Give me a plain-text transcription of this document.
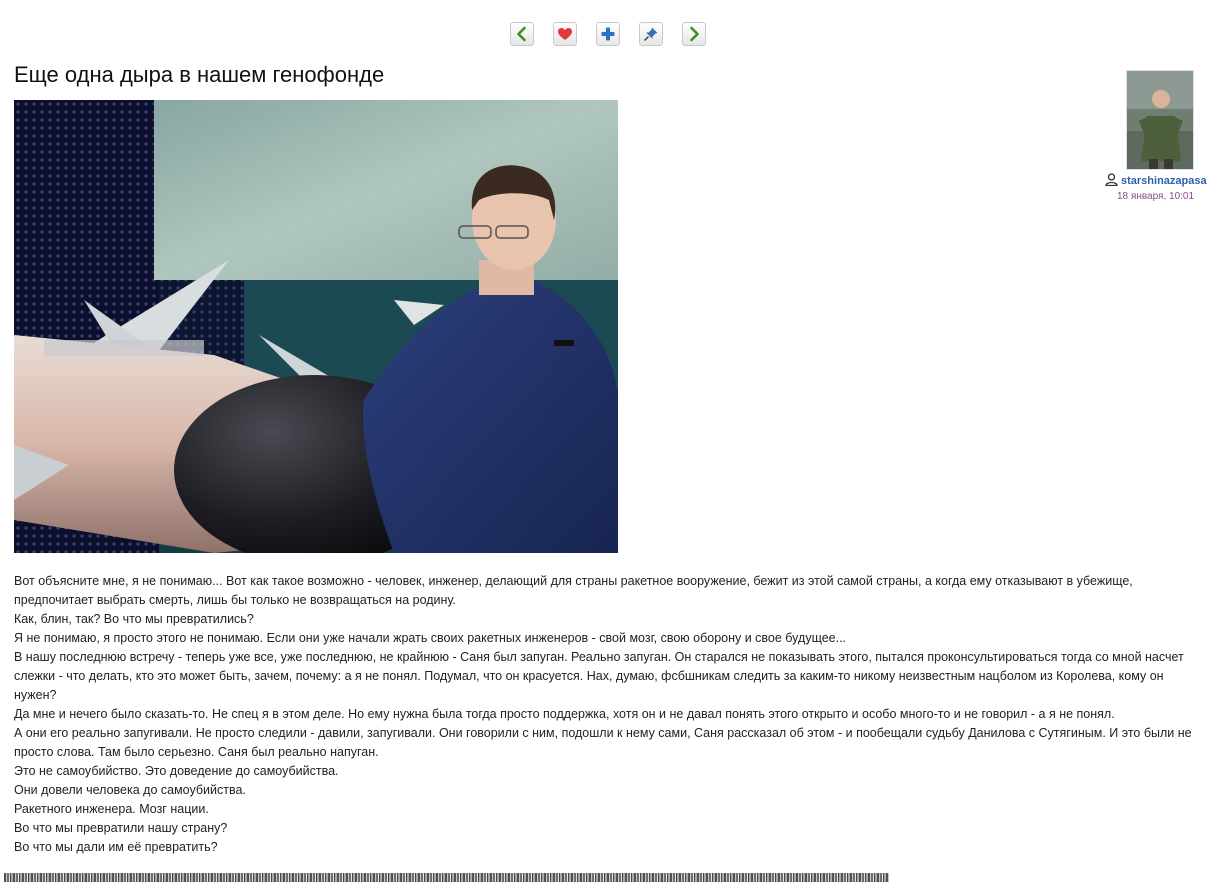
Еще одна дыра в нашем генофонде
starshinazapasa
18 января, 10:01

Вот объясните мне, я не понимаю... Вот как такое возможно - человек, инженер, делающий для страны ракетное вооружение, бежит из этой самой страны, а когда ему отказывают в убежище, предпочитает выбрать смерть, лишь бы только не возвращаться на родину.

Как, блин, так? Во что мы превратились?

Я не понимаю, я просто этого не понимаю. Если они уже начали жрать своих ракетных инженеров - свой мозг, свою оборону и свое будущее...

В нашу последнюю встречу - теперь уже все, уже последнюю, не крайнюю - Саня был запуган. Реально запуган. Он старался не показывать этого, пытался проконсультироваться тогда со мной насчет слежки - что делать, кто это может быть, зачем, почему: а я не понял. Подумал, что он красуется. Нах, думаю, фсбшникам следить за каким-то никому неизвестным нацболом из Королева, кому он нужен?

Да мне и нечего было сказать-то. Не спец я в этом деле. Но ему нужна была тогда просто поддержка, хотя он и не давал понять этого открыто и особо много-то и не говорил - а я не понял.

А они его реально запугивали. Не просто следили - давили, запугивали. Они говорили с ним, подошли к нему сами, Саня рассказал об этом - и пообещали судьбу Данилова с Сутягиным. И это были не просто слова. Там было серьезно. Саня был реально напуган.

Это не самоубийство. Это доведение до самоубийства.

Они довели человека до самоубийства.

Ракетного инженера. Мозг нации.

Во что мы превратили нашу страну?

Во что мы дали им её превратить?
